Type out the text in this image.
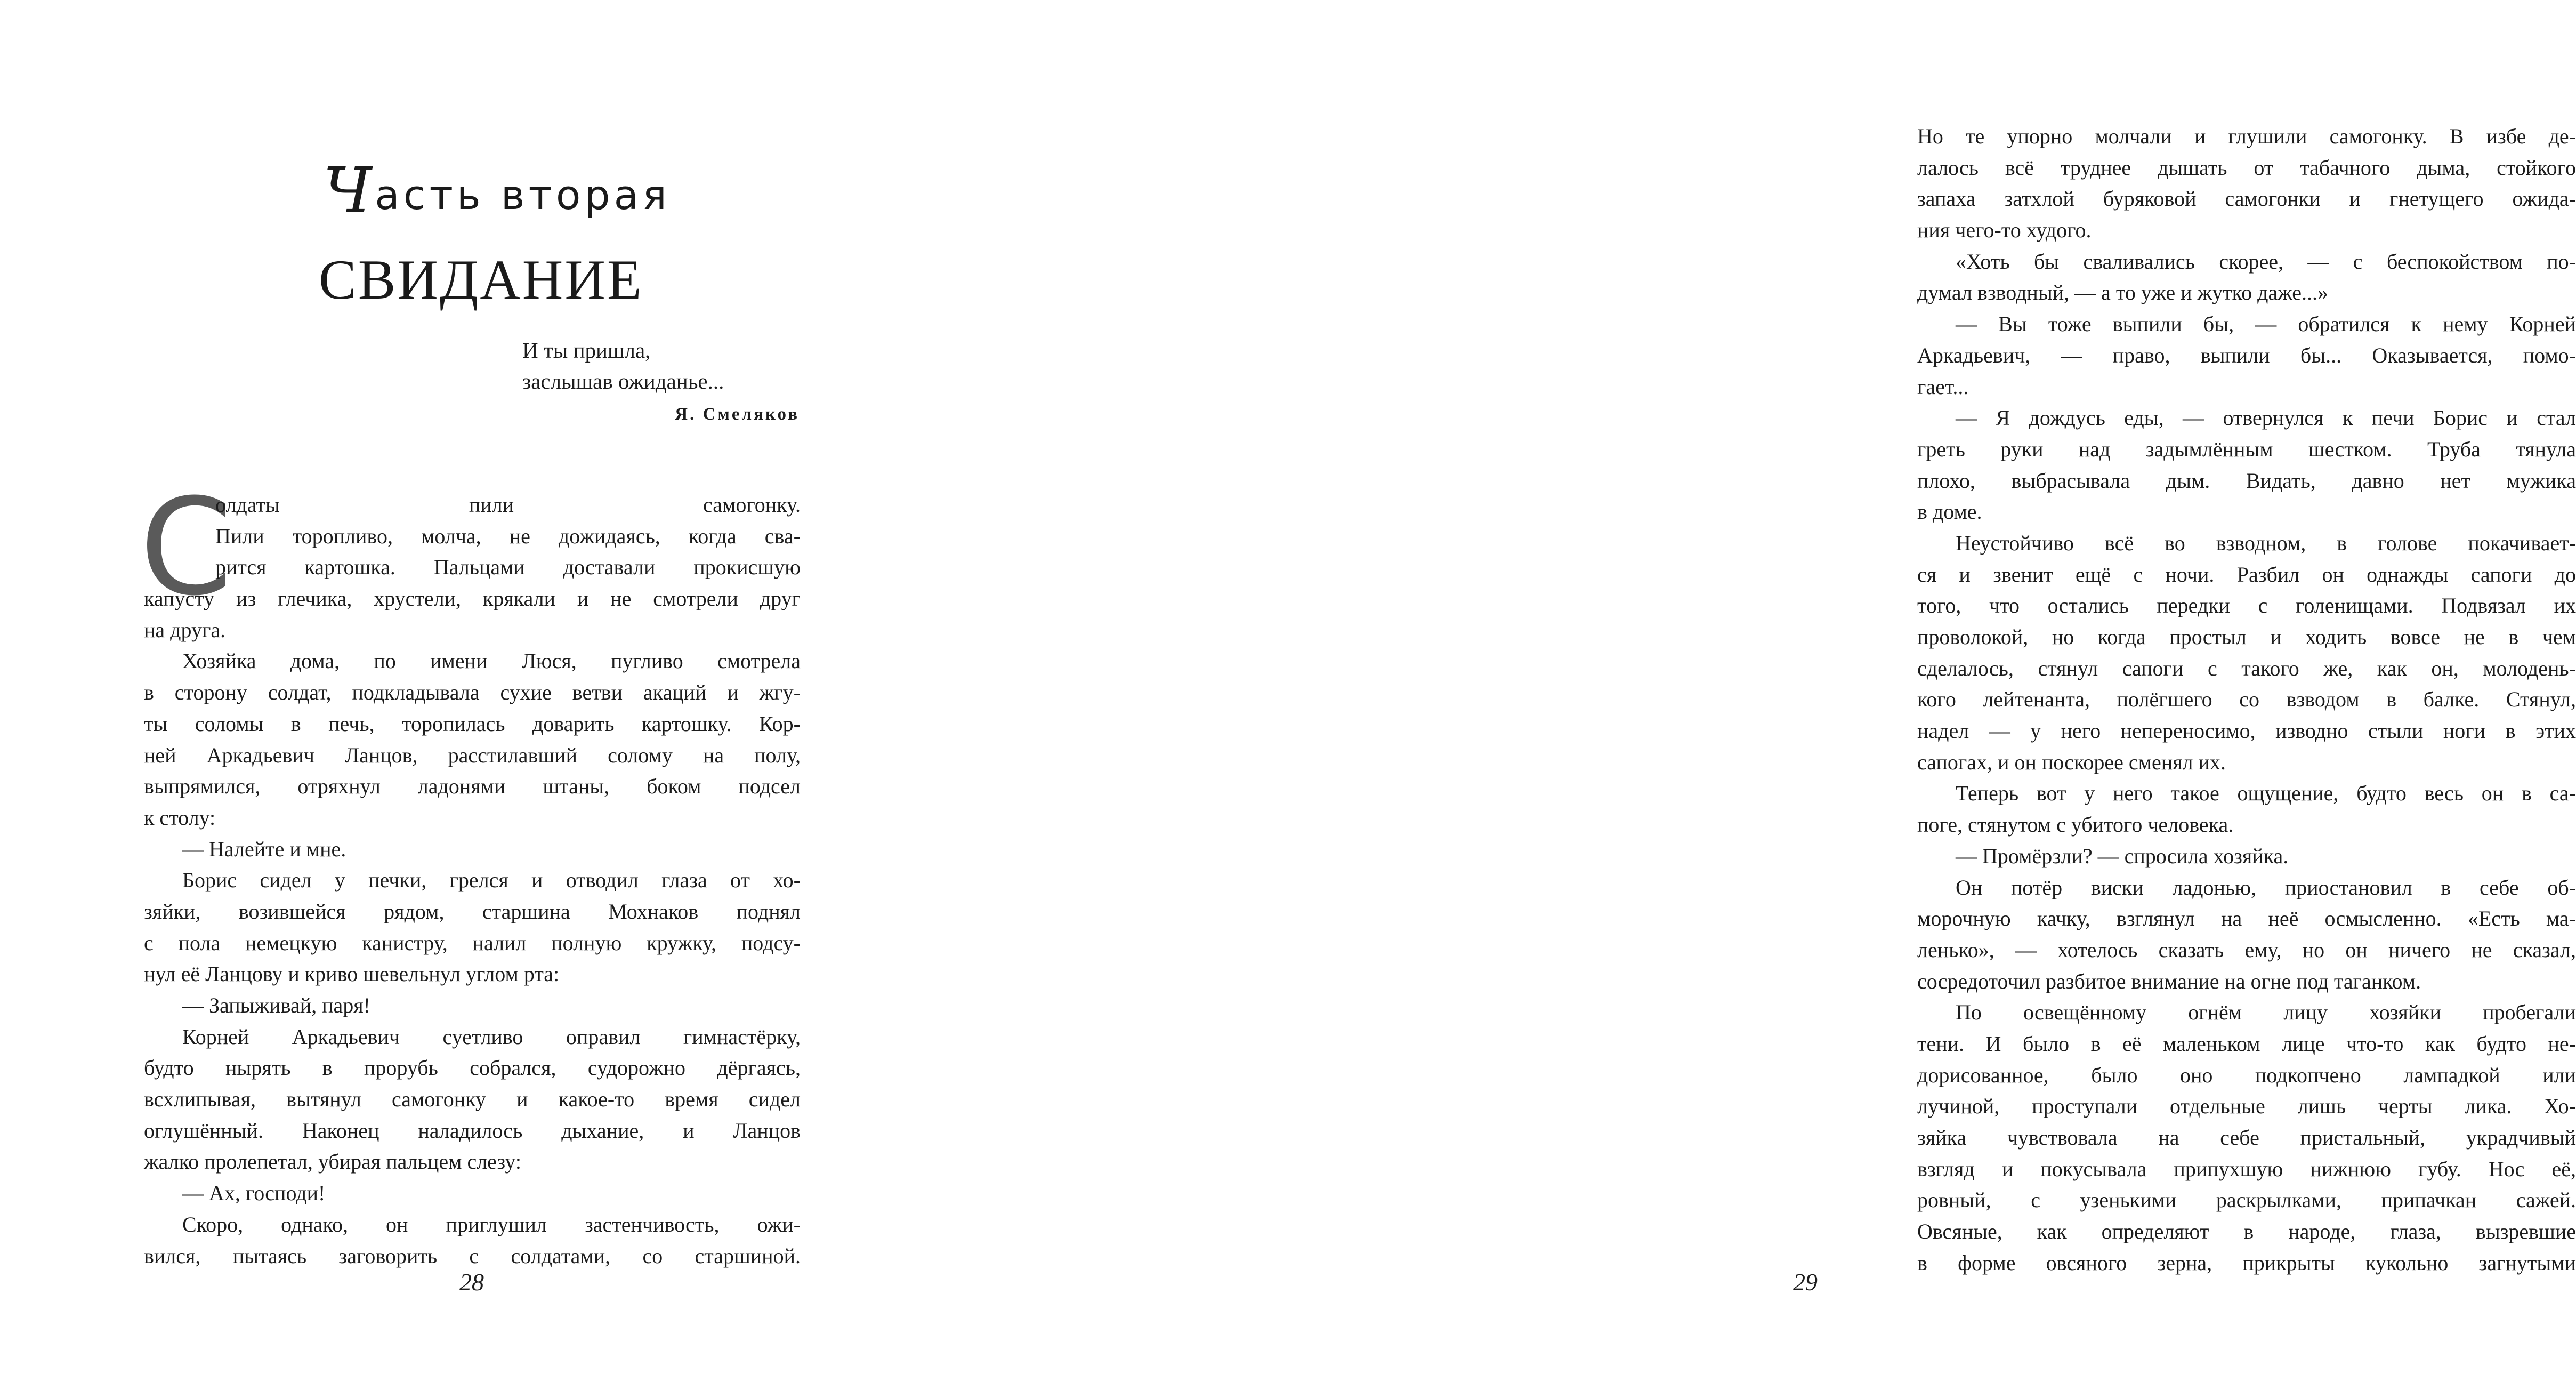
Часть вторая
СВИДАНИЕ
И ты пришла,
заслышав ожиданье...
Я. Смеляков
С
олдаты пили самогонку.
Пили торопливо, молча, не дожидаясь, когда сва-
рится картошка. Пальцами доставали прокисшую
капусту из глечика, хрустели, крякали и не смотрели друг
на друга.
Хозяйка дома, по имени Люся, пугливо смотрела
в сторону солдат, подкладывала сухие ветви акаций и жгу-
ты соломы в печь, торопилась доварить картошку. Кор-
ней Аркадьевич Ланцов, расстилавший солому на полу,
выпрямился, отряхнул ладонями штаны, боком подсел
к столу:
— Налейте и мне.
Борис сидел у печки, грелся и отводил глаза от хо-
зяйки, возившейся рядом, старшина Мохнаков поднял
с пола немецкую канистру, налил полную кружку, подсу-
нул её Ланцову и криво шевельнул углом рта:
— Запыживай, паря!
Корней Аркадьевич суетливо оправил гимнастёрку,
будто нырять в прорубь собрался, судорожно дёргаясь,
всхлипывая, вытянул самогонку и какое-то время сидел
оглушённый. Наконец наладилось дыхание, и Ланцов
жалко пролепетал, убирая пальцем слезу:
— Ах, господи!
Скоро, однако, он приглушил застенчивость, ожи-
вился, пытаясь заговорить с солдатами, со старшиной.
28
Но те упорно молчали и глушили самогонку. В избе де-
лалось всё труднее дышать от табачного дыма, стойкого
запаха затхлой буряковой самогонки и гнетущего ожида-
ния чего-то худого.
«Хоть бы сваливались скорее, — с беспокойством по-
думал взводный, — а то уже и жутко даже...»
— Вы тоже выпили бы, — обратился к нему Корней
Аркадьевич, — право, выпили бы... Оказывается, помо-
гает...
— Я дождусь еды, — отвернулся к печи Борис и стал
греть руки над задымлённым шестком. Труба тянула
плохо, выбрасывала дым. Видать, давно нет мужика
в доме.
Неустойчиво всё во взводном, в голове покачивает-
ся и звенит ещё с ночи. Разбил он однажды сапоги до
того, что остались передки с голенищами. Подвязал их
проволокой, но когда простыл и ходить вовсе не в чем
сделалось, стянул сапоги с такого же, как он, молодень-
кого лейтенанта, полёгшего со взводом в балке. Стянул,
надел — у него непереносимо, изводно стыли ноги в этих
сапогах, и он поскорее сменял их.
Теперь вот у него такое ощущение, будто весь он в са-
поге, стянутом с убитого человека.
— Промёрзли? — спросила хозяйка.
Он потёр виски ладонью, приостановил в себе об-
морочную качку, взглянул на неё осмысленно. «Есть ма-
ленько», — хотелось сказать ему, но он ничего не сказал,
сосредоточил разбитое внимание на огне под таганком.
По освещённому огнём лицу хозяйки пробегали
тени. И было в её маленьком лице что-то как будто не-
дорисованное, было оно подкопчено лампадкой или
лучиной, проступали отдельные лишь черты лика. Хо-
зяйка чувствовала на себе пристальный, украдчивый
взгляд и покусывала припухшую нижнюю губу. Нос её,
ровный, с узенькими раскрылками, припачкан сажей.
Овсяные, как определяют в народе, глаза, вызревшие
в форме овсяного зерна, прикрыты кукольно загнутыми
29
